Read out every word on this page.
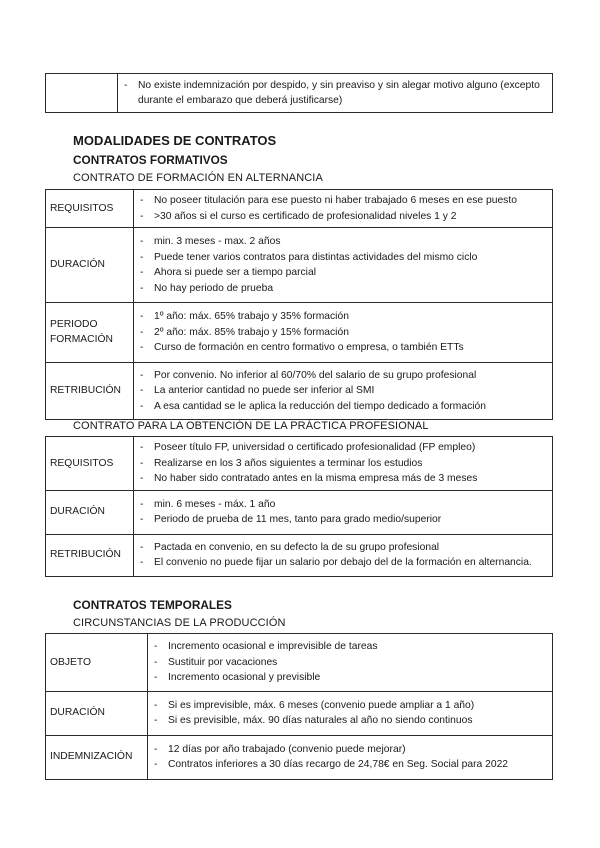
- No existe indemnización por despido, y sin preaviso y sin alegar motivo alguno (excepto durante el embarazo que deberá justificarse)
MODALIDADES DE CONTRATOS
CONTRATOS FORMATIVOS
CONTRATO DE FORMACIÓN EN ALTERNANCIA
REQUISITOS	- No poseer titulación para ese puesto ni haber trabajado 6 meses en ese puesto
- >30 años si el curso es certificado de profesionalidad niveles 1 y 2

DURACIÓN	- min. 3 meses - max. 2 años
- Puede tener varios contratos para distintas actividades del mismo ciclo
- Ahora si puede ser a tiempo parcial
- No hay periodo de prueba

PERIODO FORMACIÓN	- 1º año: máx. 65% trabajo y 35% formación
- 2º año: máx. 85% trabajo y 15% formación
- Curso de formación en centro formativo o empresa, o también ETTs

RETRIBUCIÓN	- Por convenio. No inferior al 60/70% del salario de su grupo profesional
- La anterior cantidad no puede ser inferior al SMI
- A esa cantidad se le aplica la reducción del tiempo dedicado a formación
CONTRATO PARA LA OBTENCIÓN DE LA PRÁCTICA PROFESIONAL
REQUISITOS	- Poseer título FP, universidad o certificado profesionalidad (FP empleo)
- Realizarse en los 3 años siguientes a terminar los estudios
- No haber sido contratado antes en la misma empresa más de 3 meses

DURACIÓN	- min. 6 meses - máx. 1 año
- Periodo de prueba de 11 mes, tanto para grado medio/superior

RETRIBUCIÓN	- Pactada en convenio, en su defecto la de su grupo profesional
- El convenio no puede fijar un salario por debajo del de la formación en alternancia.
CONTRATOS TEMPORALES
CIRCUNSTANCIAS DE LA PRODUCCIÓN
OBJETO	- Incremento ocasional e imprevisible de tareas
- Sustituir por vacaciones
- Incremento ocasional y previsible

DURACIÓN	- Si es imprevisible, máx. 6 meses (convenio puede ampliar a 1 año)
- Si es previsible, máx. 90 días naturales al año no siendo continuos

INDEMNIZACIÓN	- 12 días por año trabajado (convenio puede mejorar)
- Contratos inferiores a 30 días recargo de 24,78€ en Seg. Social para 2022
